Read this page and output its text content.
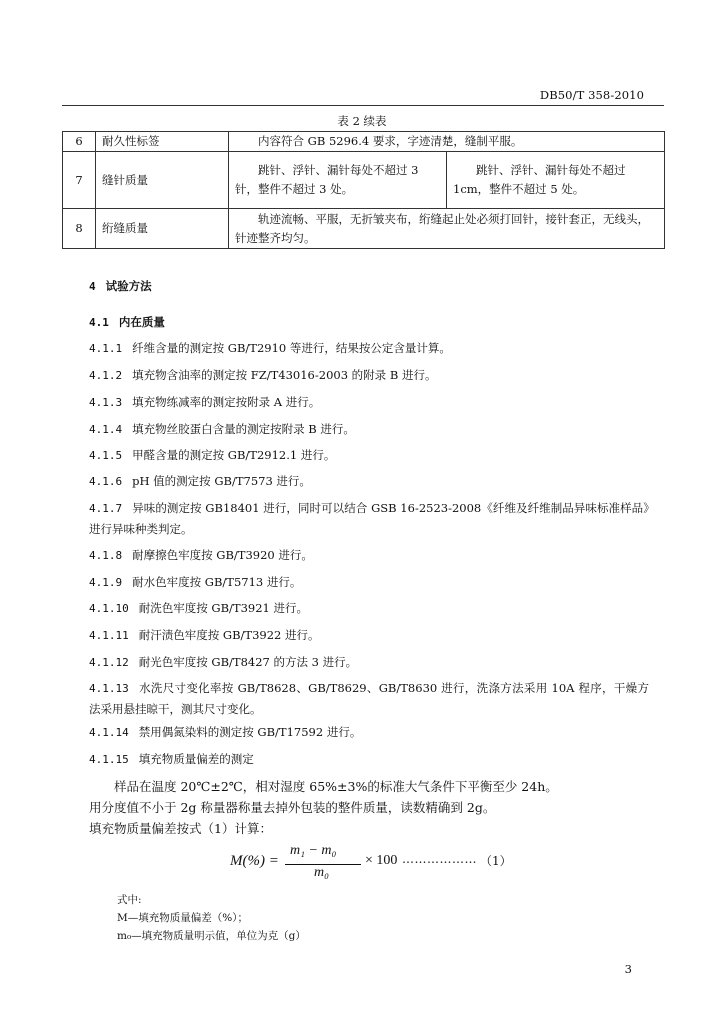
DB50/T 358-2010
表 2 续表
6	耐久性标签	内容符合 GB 5296.4 要求，字迹清楚，缝制平服。	
7	缝针质量	跳针、浮针、漏针每处不超过 3 针，整件不超过 3 处。	跳针、浮针、漏针每处不超过 1cm，整件不超过 5 处。
8	绗缝质量	轨迹流畅、平服，无折皱夹布，绗缝起止处必须打回针，接针套正，无线头，针迹整齐均匀。	
4 试验方法
4.1 内在质量
4.1.1 纤维含量的测定按 GB/T2910 等进行，结果按公定含量计算。
4.1.2 填充物含油率的测定按 FZ/T43016-2003 的附录 B 进行。
4.1.3 填充物练减率的测定按附录 A 进行。
4.1.4 填充物丝胶蛋白含量的测定按附录 B 进行。
4.1.5 甲醛含量的测定按 GB/T2912.1 进行。
4.1.6 pH 值的测定按 GB/T7573 进行。
4.1.7 异味的测定按 GB18401 进行，同时可以结合 GSB 16-2523-2008《纤维及纤维制品异味标准样品》进行异味种类判定。
4.1.8 耐摩擦色牢度按 GB/T3920 进行。
4.1.9 耐水色牢度按 GB/T5713 进行。
4.1.10 耐洗色牢度按 GB/T3921 进行。
4.1.11 耐汗渍色牢度按 GB/T3922 进行。
4.1.12 耐光色牢度按 GB/T8427 的方法 3 进行。
4.1.13 水洗尺寸变化率按 GB/T8628、GB/T8629、GB/T8630 进行，洗涤方法采用 10A 程序，干燥方法采用悬挂晾干，测其尺寸变化。
4.1.14 禁用偶氮染料的测定按 GB/T17592 进行。
4.1.15 填充物质量偏差的测定
样品在温度 20℃±2℃，相对湿度 65%±3%的标准大气条件下平衡至少 24h。
用分度值不小于 2g 称量器称量去掉外包装的整件质量，读数精确到 2g。
填充物质量偏差按式（1）计算：
M(%) =
m₁ − m₀
m₀
× 100 ……………… （1）
式中:
M—填充物质量偏差（%）；
m₀—填充物质量明示值，单位为克（g）
3
